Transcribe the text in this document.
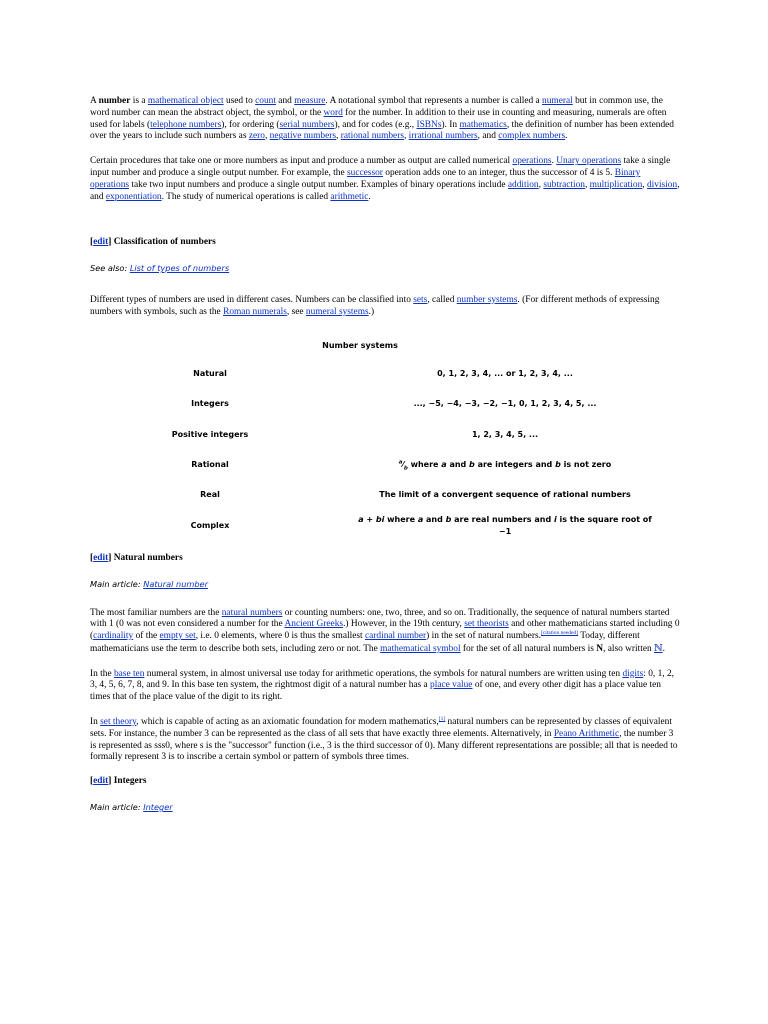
A number is a mathematical object used to count and measure. A notational symbol that represents a number is called a numeral but in common use, the word number can mean the abstract object, the symbol, or the word for the number. In addition to their use in counting and measuring, numerals are often used for labels (telephone numbers), for ordering (serial numbers), and for codes (e.g., ISBNs). In mathematics, the definition of number has been extended over the years to include such numbers as zero, negative numbers, rational numbers, irrational numbers, and complex numbers.

Certain procedures that take one or more numbers as input and produce a number as output are called numerical operations. Unary operations take a single input number and produce a single output number. For example, the successor operation adds one to an integer, thus the successor of 4 is 5. Binary operations take two input numbers and produce a single output number. Examples of binary operations include addition, subtraction, multiplication, division, and exponentiation. The study of numerical operations is called arithmetic.

[edit] Classification of numbers

See also: List of types of numbers

Different types of numbers are used in different cases. Numbers can be classified into sets, called number systems. (For different methods of expressing numbers with symbols, such as the Roman numerals, see numeral systems.)

Number systems	
Natural	0, 1, 2, 3, 4, ... or 1, 2, 3, 4, ...
Integers	..., −5, −4, −3, −2, −1, 0, 1, 2, 3, 4, 5, ...
Positive integers	1, 2, 3, 4, 5, ...
Rational	$^a⁄_b$ where a and b are integers and b is not zero
Real	The limit of a convergent sequence of rational numbers
Complex	a + bi where a and b are real numbers and i is the square root of −1

[edit] Natural numbers

Main article: Natural number

The most familiar numbers are the natural numbers or counting numbers: one, two, three, and so on. Traditionally, the sequence of natural numbers started with 1 (0 was not even considered a number for the Ancient Greeks.) However, in the 19th century, set theorists and other mathematicians started including 0 (cardinality of the empty set, i.e. 0 elements, where 0 is thus the smallest cardinal number) in the set of natural numbers.[citation needed] Today, different mathematicians use the term to describe both sets, including zero or not. The mathematical symbol for the set of all natural numbers is N, also written ℕ.

In the base ten numeral system, in almost universal use today for arithmetic operations, the symbols for natural numbers are written using ten digits: 0, 1, 2, 3, 4, 5, 6, 7, 8, and 9. In this base ten system, the rightmost digit of a natural number has a place value of one, and every other digit has a place value ten times that of the place value of the digit to its right.

In set theory, which is capable of acting as an axiomatic foundation for modern mathematics,[1] natural numbers can be represented by classes of equivalent sets. For instance, the number 3 can be represented as the class of all sets that have exactly three elements. Alternatively, in Peano Arithmetic, the number 3 is represented as sss0, where s is the "successor" function (i.e., 3 is the third successor of 0). Many different representations are possible; all that is needed to formally represent 3 is to inscribe a certain symbol or pattern of symbols three times.

[edit] Integers

Main article: Integer
